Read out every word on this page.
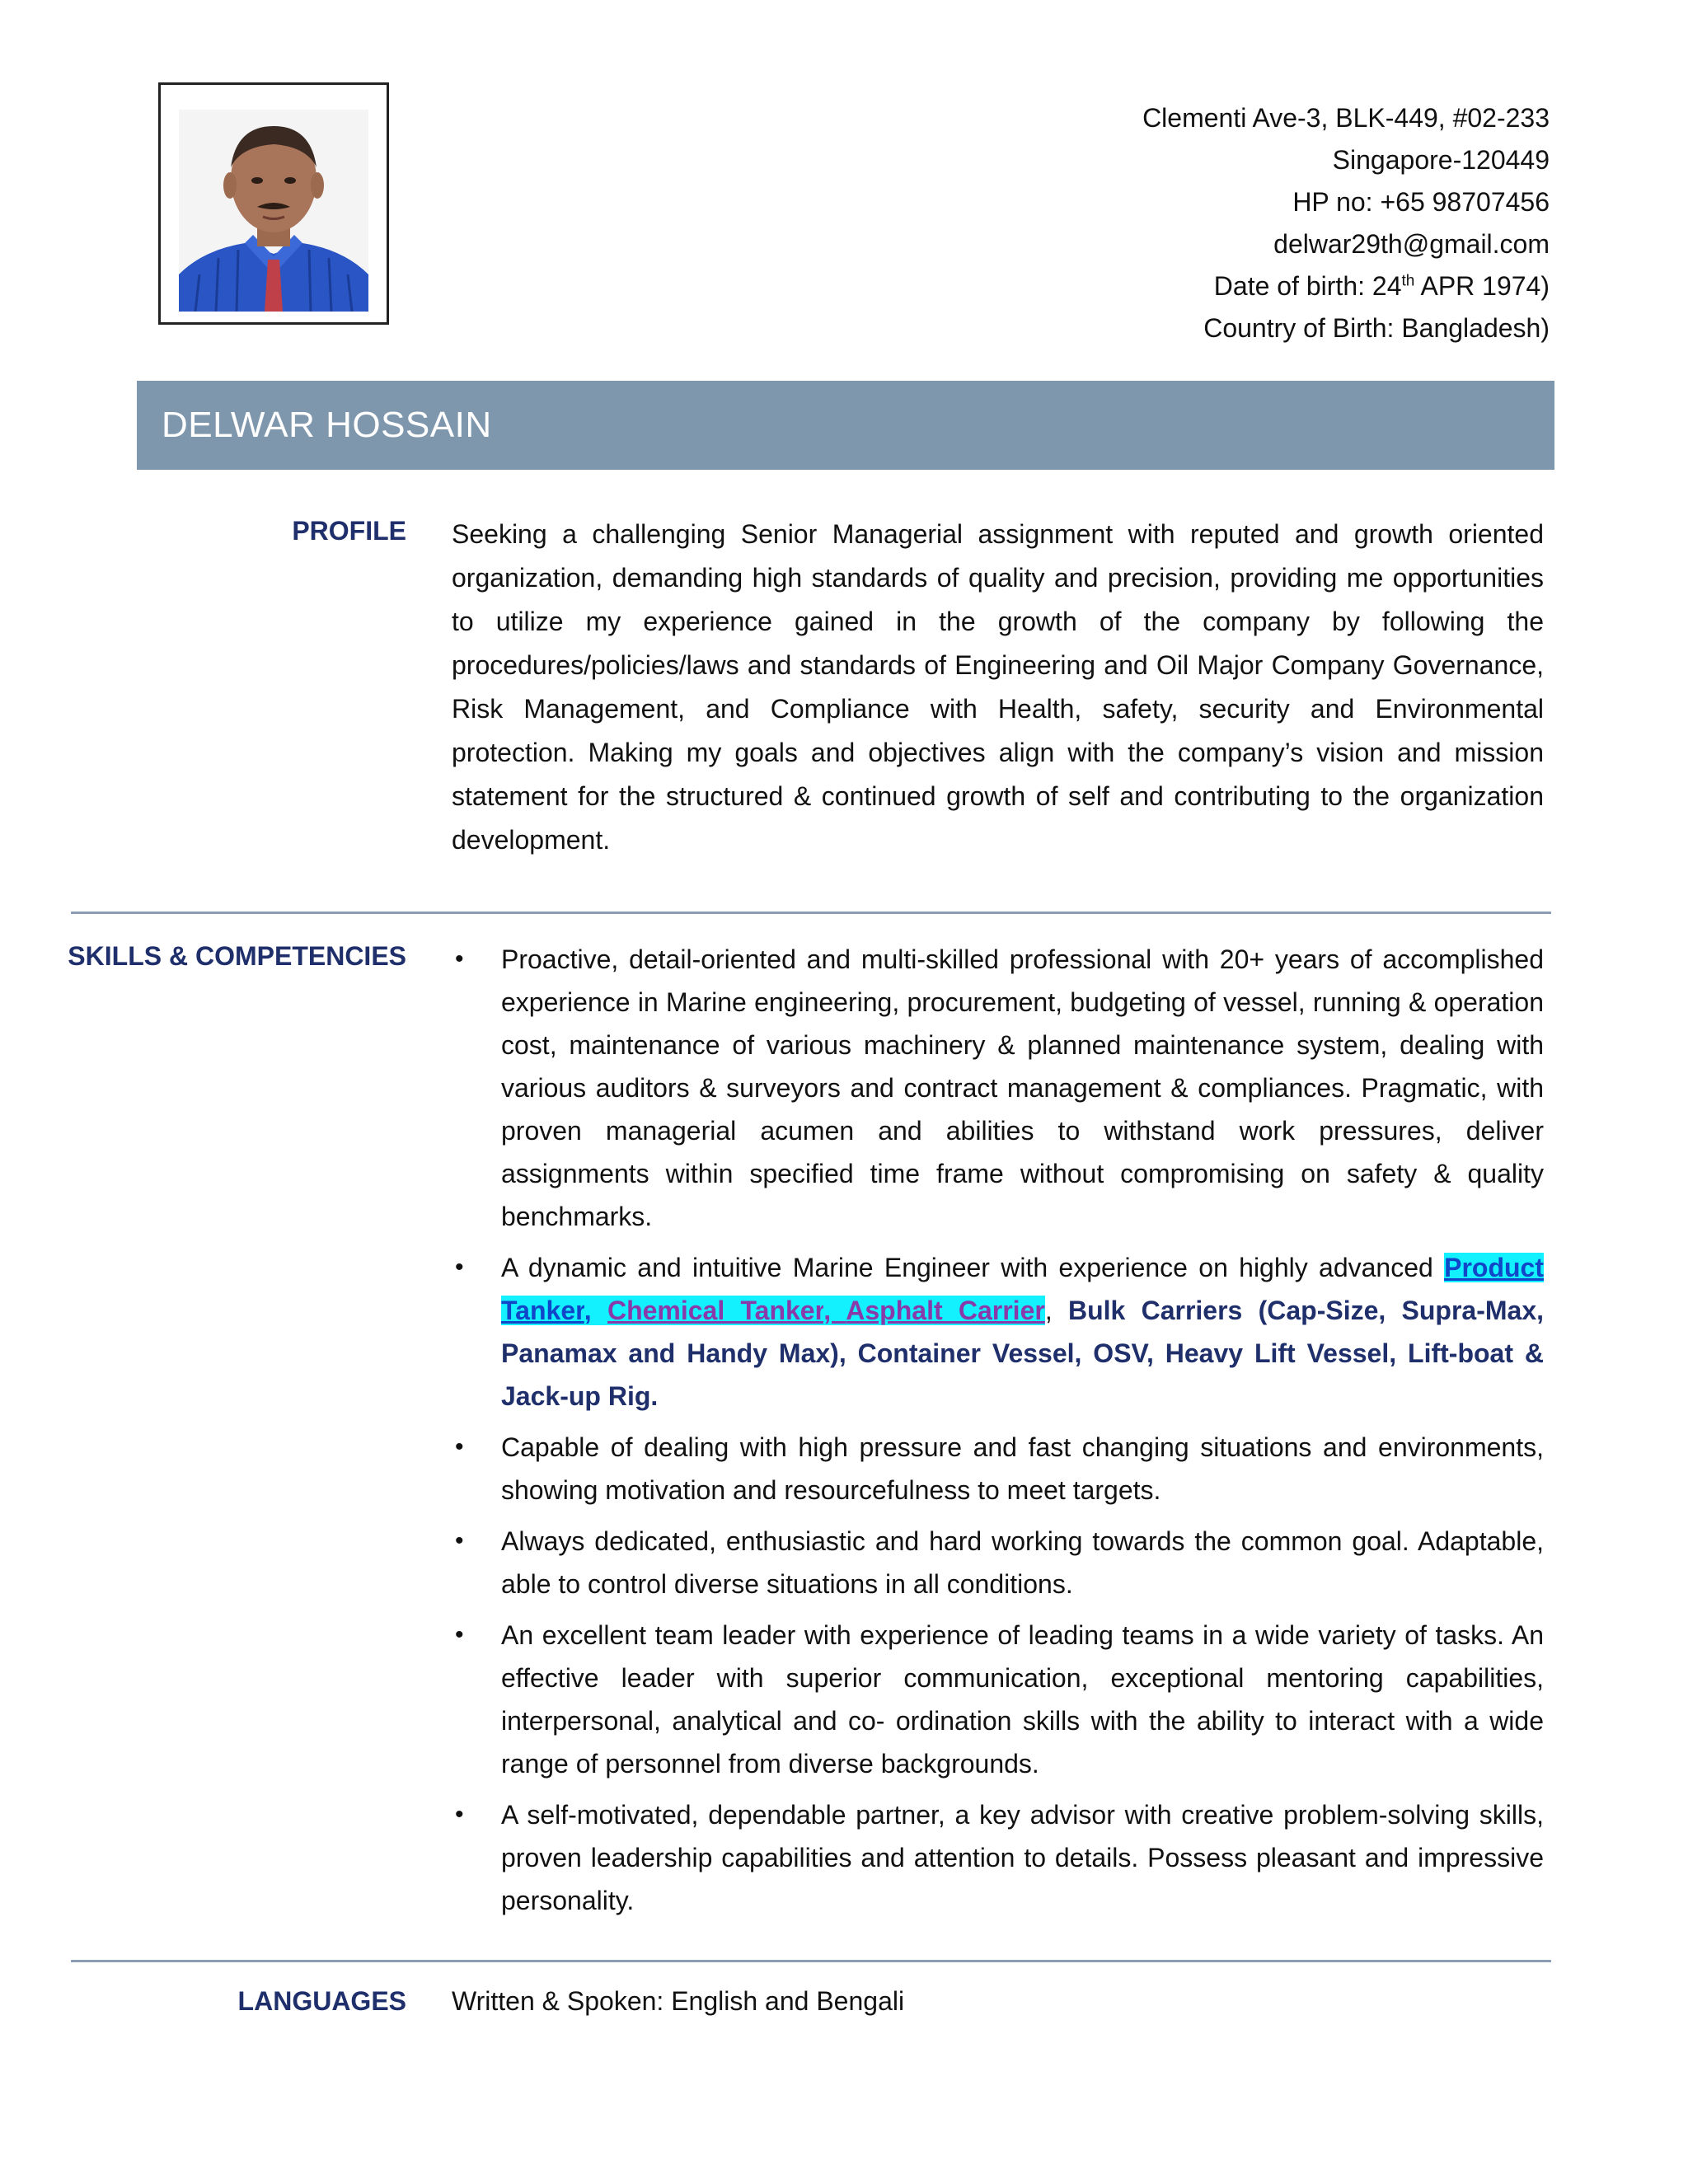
Clementi Ave-3, BLK-449, #02-233
Singapore-120449
HP no: +65 98707456
delwar29th@gmail.com
Date of birth: 24th APR 1974)
Country of Birth: Bangladesh)
DELWAR HOSSAIN
PROFILE Seeking a challenging Senior Managerial assignment with reputed and growth oriented organization, demanding high standards of quality and precision, providing me opportunities to utilize my experience gained in the growth of the company by following the procedures/policies/laws and standards of Engineering and Oil Major Company Governance, Risk Management, and Compliance with Health, safety, security and Environmental protection. Making my goals and objectives align with the company’s vision and mission statement for the structured & continued growth of self and contributing to the organization development.
SKILLS & COMPETENCIES • Proactive, detail-oriented and multi-skilled professional with 20+ years of accomplished experience in Marine engineering, procurement, budgeting of vessel, running & operation cost, maintenance of various machinery & planned maintenance system, dealing with various auditors & surveyors and contract management & compliances. Pragmatic, with proven managerial acumen and abilities to withstand work pressures, deliver assignments within specified time frame without compromising on safety & quality benchmarks.
• A dynamic and intuitive Marine Engineer with experience on highly advanced Product Tanker, Chemical Tanker, Asphalt Carrier, Bulk Carriers (Cap-Size, Supra-Max, Panamax and Handy Max), Container Vessel, OSV, Heavy Lift Vessel, Lift-boat & Jack-up Rig.
• Capable of dealing with high pressure and fast changing situations and environments, showing motivation and resourcefulness to meet targets.
• Always dedicated, enthusiastic and hard working towards the common goal. Adaptable, able to control diverse situations in all conditions.
• An excellent team leader with experience of leading teams in a wide variety of tasks. An effective leader with superior communication, exceptional mentoring capabilities, interpersonal, analytical and co- ordination skills with the ability to interact with a wide range of personnel from diverse backgrounds.
• A self-motivated, dependable partner, a key advisor with creative problem-solving skills, proven leadership capabilities and attention to details. Possess pleasant and impressive personality.
LANGUAGES Written & Spoken: English and Bengali
